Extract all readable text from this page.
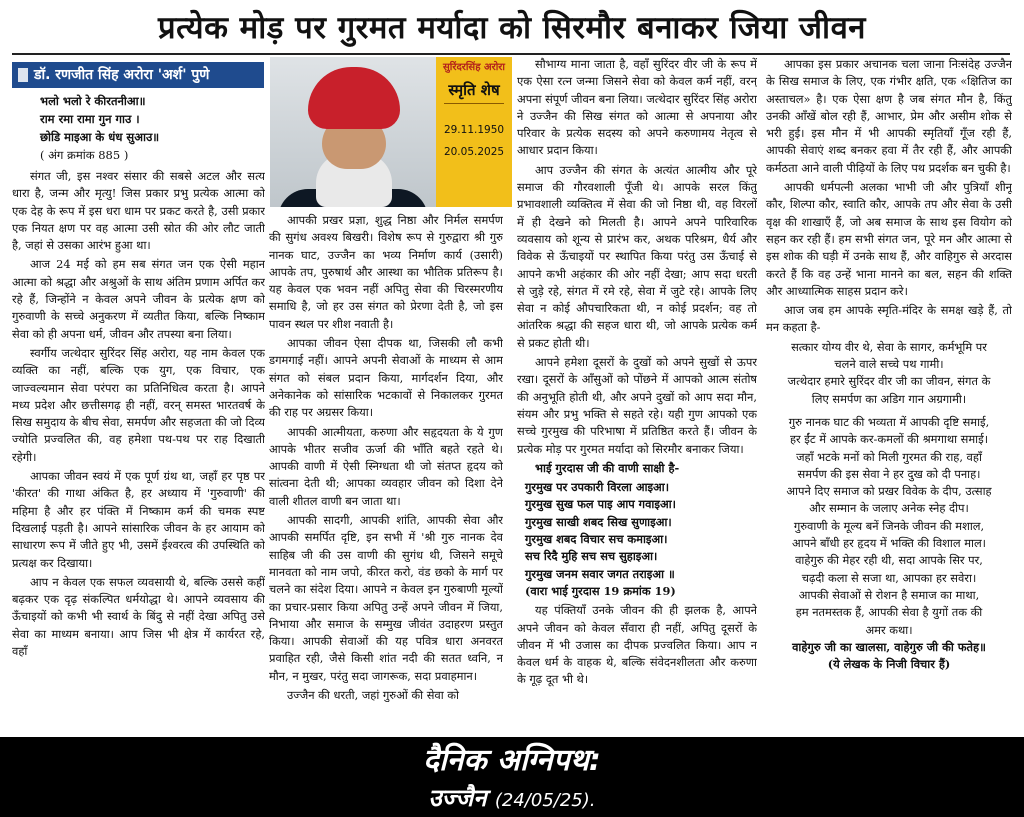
प्रत्येक मोड़ पर गुरमत मर्यादा को सिरमौर बनाकर जिया जीवन
डॉ. रणजीत सिंह अरोरा 'अर्श' पुणे
भलो भलो रे कीरतनीआ॥
राम रमा रामा गुन गाउ ।
छोडि माइआ के धंध सुआउ॥
( अंग क्रमांक 885 )
सुरिंदरसिंह अरोरा
स्मृति शेष
29.11.1950
20.05.2025

संगत जी, इस नश्वर संसार की सबसे अटल और सत्य धारा है, जन्म और मृत्यु! जिस प्रकार प्रभु प्रत्येक आत्मा को एक देह के रूप में इस धरा धाम पर प्रकट करते है, उसी प्रकार एक नियत क्षण पर वह आत्मा उसी स्रोत की ओर लौट जाती है, जहां से उसका आरंभ हुआ था।

आज 24 मई को हम सब संगत जन एक ऐसी महान आत्मा को श्रद्धा और अश्रुओं के साथ अंतिम प्रणाम अर्पित कर रहे हैं, जिन्होंने न केवल अपने जीवन के प्रत्येक क्षण को गुरुवाणी के सच्चे अनुकरण में व्यतीत किया, बल्कि निष्काम सेवा को ही अपना धर्म, जीवन और तपस्या बना लिया।

स्वर्गीय जत्थेदार सुरिंदर सिंह अरोरा, यह नाम केवल एक व्यक्ति का नहीं, बल्कि एक युग, एक विचार, एक जाज्वल्यमान सेवा परंपरा का प्रतिनिधित्व करता है। आपने मध्य प्रदेश और छत्तीसगढ़ ही नहीं, वरन् समस्त भारतवर्ष के सिख समुदाय के बीच सेवा, समर्पण और सहजता की जो दिव्य ज्योति प्रज्वलित की, वह हमेशा पथ-पथ पर राह दिखाती रहेगी।

आपका जीवन स्वयं में एक पूर्ण ग्रंथ था, जहाँ हर पृष्ठ पर 'कीरत' की गाथा अंकित है, हर अध्याय में 'गुरुवाणी' की महिमा है और हर पंक्ति में निष्काम कर्म की चमक स्पष्ट दिखलाई पड़ती है। आपने सांसारिक जीवन के हर आयाम को साधारण रूप में जीते हुए भी, उसमें ईश्वरत्व की उपस्थिति को प्रत्यक्ष कर दिखाया।

आप न केवल एक सफल व्यवसायी थे, बल्कि उससे कहीं बढ़कर एक दृढ़ संकल्पित धर्मयोद्धा थे। आपने व्यवसाय की ऊँचाइयों को कभी भी स्वार्थ के बिंदु से नहीं देखा अपितु उसे सेवा का माध्यम बनाया। आप जिस भी क्षेत्र में कार्यरत रहे, वहाँ

आपकी प्रखर प्रज्ञा, शुद्ध निष्ठा और निर्मल समर्पण की सुगंध अवश्य बिखरी। विशेष रूप से गुरुद्वारा श्री गुरु नानक घाट, उज्जैन का भव्य निर्माण कार्य (उसारी) आपके तप, पुरुषार्थ और आस्था का भौतिक प्रतिरूप है। यह केवल एक भवन नहीं अपितु सेवा की चिरस्मरणीय समाधि है, जो हर उस संगत को प्रेरणा देती है, जो इस पावन स्थल पर शीश नवाती है।

आपका जीवन ऐसा दीपक था, जिसकी लौ कभी डगमगाई नहीं। आपने अपनी सेवाओं के माध्यम से आम संगत को संबल प्रदान किया, मार्गदर्शन दिया, और अनेकानेक को सांसारिक भटकावों से निकालकर गुरमत की राह पर अग्रसर किया।

आपकी आत्मीयता, करुणा और सहृदयता के ये गुण आपके भीतर सजीव ऊर्जा की भाँति बहते रहते थे। आपकी वाणी में ऐसी स्निग्धता थी जो संतप्त हृदय को सांत्वना देती थी; आपका व्यवहार जीवन को दिशा देने वाली शीतल वाणी बन जाता था।

आपकी सादगी, आपकी शांति, आपकी सेवा और आपकी समर्पित दृष्टि, इन सभी में 'श्री गुरु नानक देव साहिब जी की उस वाणी की सुगंध थी, जिसने समूचे मानवता को नाम जपो, कीरत करो, वंड छको के मार्ग पर चलने का संदेश दिया। आपने न केवल इन गुरुबाणी मूल्यों का प्रचार-प्रसार किया अपितु उन्हें अपने जीवन में जिया, निभाया और समाज के सम्मुख जीवंत उदाहरण प्रस्तुत किया। आपकी सेवाओं की यह पवित्र धारा अनवरत प्रवाहित रही, जैसे किसी शांत नदी की सतत ध्वनि, न मौन, न मुखर, परंतु सदा जागरूक, सदा प्रवाहमान।

उज्जैन की धरती, जहां गुरुओं की सेवा को

सौभाग्य माना जाता है, वहाँ सुरिंदर वीर जी के रूप में एक ऐसा रत्न जन्मा जिसने सेवा को केवल कर्म नहीं, वरन् अपना संपूर्ण जीवन बना लिया। जत्थेदार सुरिंदर सिंह अरोरा ने उज्जैन की सिख संगत को आत्मा से अपनाया और परिवार के प्रत्येक सदस्य को अपने करुणामय नेतृत्व से आधार प्रदान किया।

आप उज्जैन की संगत के अत्यंत आत्मीय और पूरे समाज की गौरवशाली पूँजी थे। आपके सरल किंतु प्रभावशाली व्यक्तित्व में सेवा की जो निष्ठा थी, वह विरलों में ही देखने को मिलती है। आपने अपने पारिवारिक व्यवसाय को शून्य से प्रारंभ कर, अथक परिश्रम, धैर्य और विवेक से ऊँचाइयों पर स्थापित किया परंतु उस ऊँचाई से आपने कभी अहंकार की ओर नहीं देखा; आप सदा धरती से जुड़े रहे, संगत में रमे रहे, सेवा में जुटे रहे। आपके लिए सेवा न कोई औपचारिकता थी, न कोई प्रदर्शन; वह तो आंतरिक श्रद्धा की सहज धारा थी, जो आपके प्रत्येक कर्म से प्रकट होती थी।

आपने हमेशा दूसरों के दुखों को अपने सुखों से ऊपर रखा। दूसरों के आँसुओं को पोंछने में आपको आत्म संतोष की अनुभूति होती थी, और अपने दुखों को आप सदा मौन, संयम और प्रभु भक्ति से सहते रहे। यही गुण आपको एक सच्चे गुरमुख की परिभाषा में प्रतिष्ठित करते हैं। जीवन के प्रत्येक मोड़ पर गुरमत मर्यादा को सिरमौर बनाकर जिया।

भाई गुरदास जी की वाणी साक्षी है-

गुरमुख पर उपकारी विरला आइआ।
गुरमुख सुख फल पाइ आप गवाइआ।
गुरमुख साखी शबद सिख सुणाइआ।
गुरमुख शबद विचार सच कमाइआ।
सच रिदै मुहि सच सच सुहाइआ।
गुरमुख जनम सवार जगत तराइआ ॥
(वारा भाई गुरदास 19 क्रमांक 19)

यह पंक्तियाँ उनके जीवन की ही झलक है, आपने अपने जीवन को केवल सँवारा ही नहीं, अपितु दूसरों के जीवन में भी उजास का दीपक प्रज्वलित किया। आप न केवल धर्म के वाहक थे, बल्कि संवेदनशीलता और करुणा के गूढ़ दूत भी थे।

आपका इस प्रकार अचानक चला जाना निःसंदेह उज्जैन के सिख समाज के लिए, एक गंभीर क्षति, एक «क्षितिज का अस्ताचल» है। एक ऐसा क्षण है जब संगत मौन है, किंतु उनकी आँखें बोल रही हैं, आभार, प्रेम और असीम शोक से भरी हुई। इस मौन में भी आपकी स्मृतियाँ गूँज रही हैं, आपकी सेवाएं शब्द बनकर हवा में तैर रही हैं, और आपकी कर्मठता आने वाली पीढ़ियों के लिए पथ प्रदर्शक बन चुकी है।

आपकी धर्मपत्नी अलका भाभी जी और पुत्रियाँ शीनू कौर, शिल्पा कौर, स्वाति कौर, आपके तप और सेवा के उसी वृक्ष की शाखाएँ हैं, जो अब समाज के साथ इस वियोग को सहन कर रही हैं। हम सभी संगत जन, पूरे मन और आत्मा से इस शोक की घड़ी में उनके साथ हैं, और वाहिगुरु से अरदास करते हैं कि वह उन्हें भाना मानने का बल, सहन की शक्ति और आध्यात्मिक साहस प्रदान करे।

आज जब हम आपके स्मृति-मंदिर के समक्ष खड़े हैं, तो मन कहता है-

सत्कार योग्य वीर थे, सेवा के सागर, कर्मभूमि पर
चलने वाले सच्चे पथ गामी।
जत्थेदार हमारे सुरिंदर वीर जी का जीवन, संगत के
लिए समर्पण का अडिग गान अग्रगामी।
गुरु नानक घाट की भव्यता में आपकी दृष्टि समाई,
हर ईंट में आपके कर-कमलों की श्रमगाथा समाई।
जहाँ भटके मनों को मिली गुरमत की राह, वहाँ
समर्पण की इस सेवा ने हर दुख को दी पनाह।
आपने दिए समाज को प्रखर विवेक के दीप, उत्साह
और सम्मान के जलाए अनेक स्नेह दीप।
गुरुवाणी के मूल्य बनें जिनके जीवन की मशाल,
आपने बाँधी हर हृदय में भक्ति की विशाल माल।
वाहेगुरु की मेहर रही थी, सदा आपके सिर पर,
चढ़दी कला से सजा था, आपका हर सवेरा।
आपकी सेवाओं से रोशन है समाज का माथा,
हम नतमस्तक हैं, आपकी सेवा है युगों तक की
अमर कथा।
वाहेगुरु जी का खालसा, वाहेगुरु जी की फतेह॥
(ये लेखक के निजी विचार हैं)
दैनिक अग्निपथ:
उज्जैन (24/05/25).
